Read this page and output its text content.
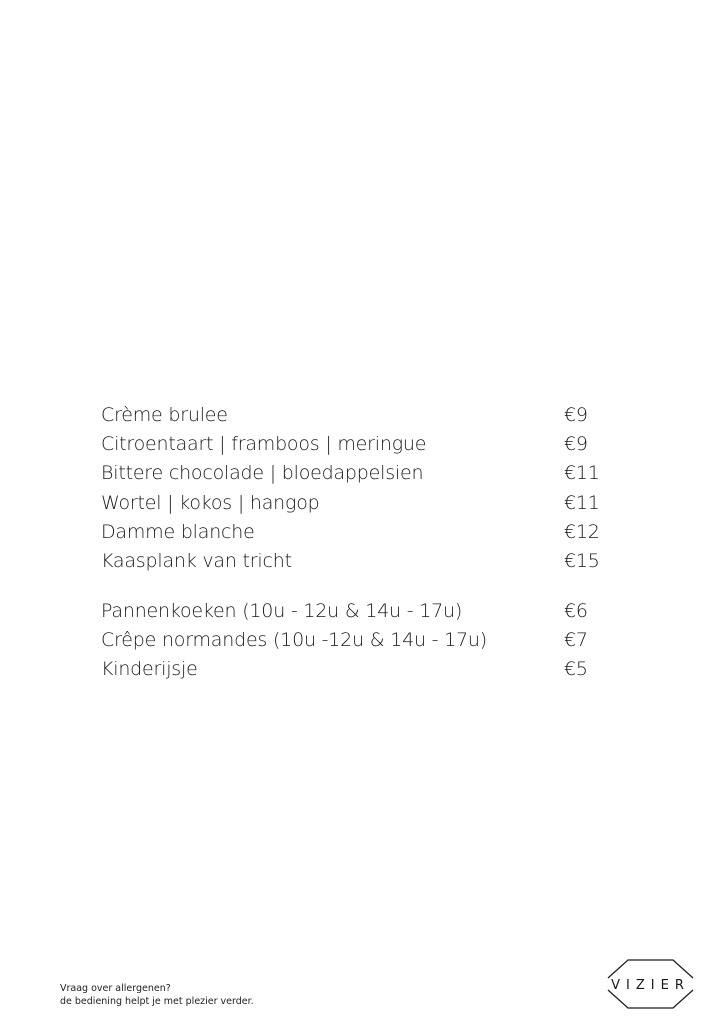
Crème brulee	€9
Citroentaart | framboos | meringue	€9
Bittere chocolade | bloedappelsien	€11
Wortel | kokos | hangop	€11
Damme blanche	€12
Kaasplank van tricht	€15
Pannenkoeken (10u - 12u & 14u - 17u)	€6
Crêpe normandes (10u -12u & 14u - 17u)	€7
Kinderijsje	€5
Vraag over allergenen?
de bediening helpt je met plezier verder.
VIZIER
